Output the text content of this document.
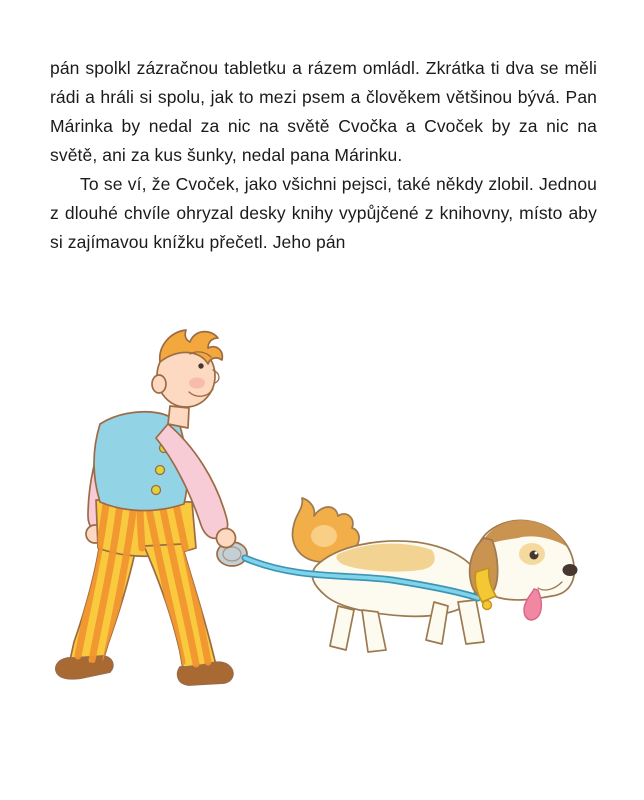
pán spolkl zázračnou tabletku a rázem omládl. Zkrátka ti dva se měli rádi a hráli si spolu, jak to mezi psem a člověkem většinou bývá. Pan Márinka by nedal za nic na světě Cvočka a Cvoček by za nic na světě, ani za kus šunky, nedal pana Márinku.

To se ví, že Cvoček, jako všichni pejsci, také někdy zlobil. Jednou z dlouhé chvíle ohryzal desky knihy vypůjčené z knihovny, místo aby si zajímavou knížku přečetl. Jeho pán
